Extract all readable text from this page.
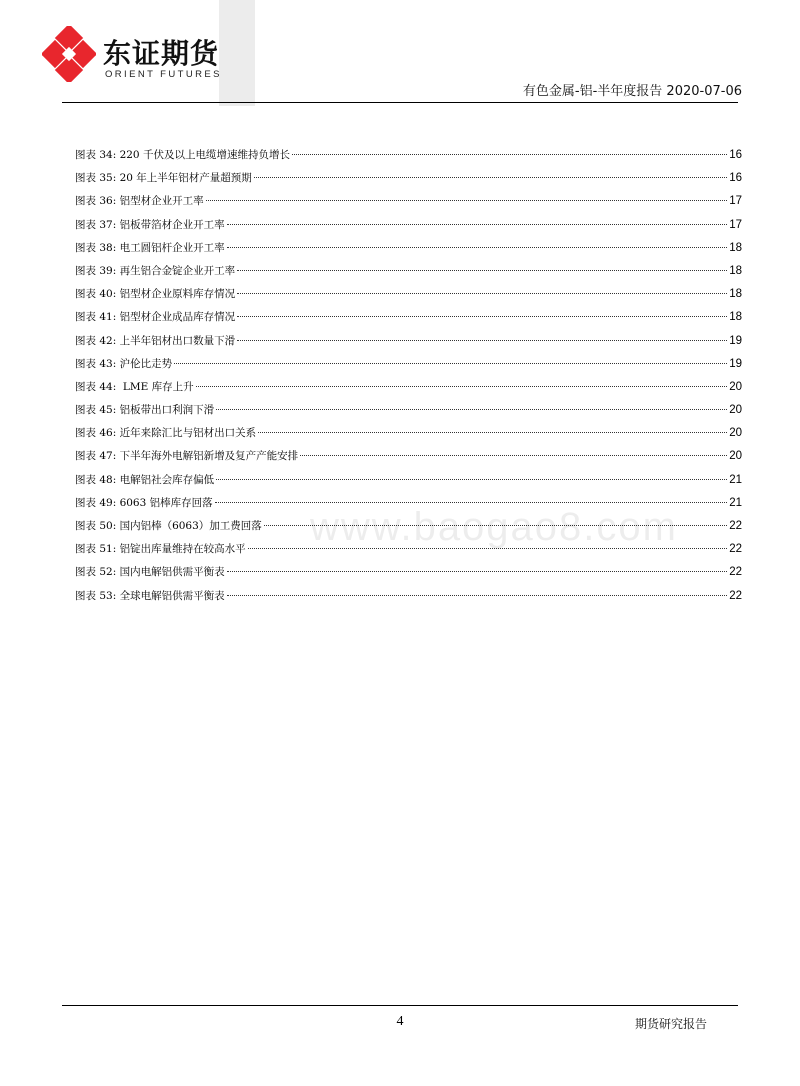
东证期货
ORIENT FUTURES
有色金属-铝-半年度报告 2020-07-06
图表 34: 220 千伏及以上电缆增速维持负增长	16
图表 35: 20 年上半年铝材产量超预期	16
图表 36: 铝型材企业开工率	17
图表 37: 铝板带箔材企业开工率	17
图表 38: 电工圆铝杆企业开工率	18
图表 39: 再生铝合金锭企业开工率	18
图表 40: 铝型材企业原料库存情况	18
图表 41: 铝型材企业成品库存情况	18
图表 42: 上半年铝材出口数量下滑	19
图表 43: 沪伦比走势	19
图表 44:  LME 库存上升	20
图表 45: 铝板带出口利润下滑	20
图表 46: 近年来除汇比与铝材出口关系	20
图表 47: 下半年海外电解铝新增及复产产能安排	20
图表 48: 电解铝社会库存偏低	21
图表 49: 6063 铝棒库存回落	21
图表 50: 国内铝棒（6063）加工费回落	22
图表 51: 铝锭出库量维持在较高水平	22
图表 52: 国内电解铝供需平衡表	22
图表 53: 全球电解铝供需平衡表	22
www.baogao8.com
4	期货研究报告
